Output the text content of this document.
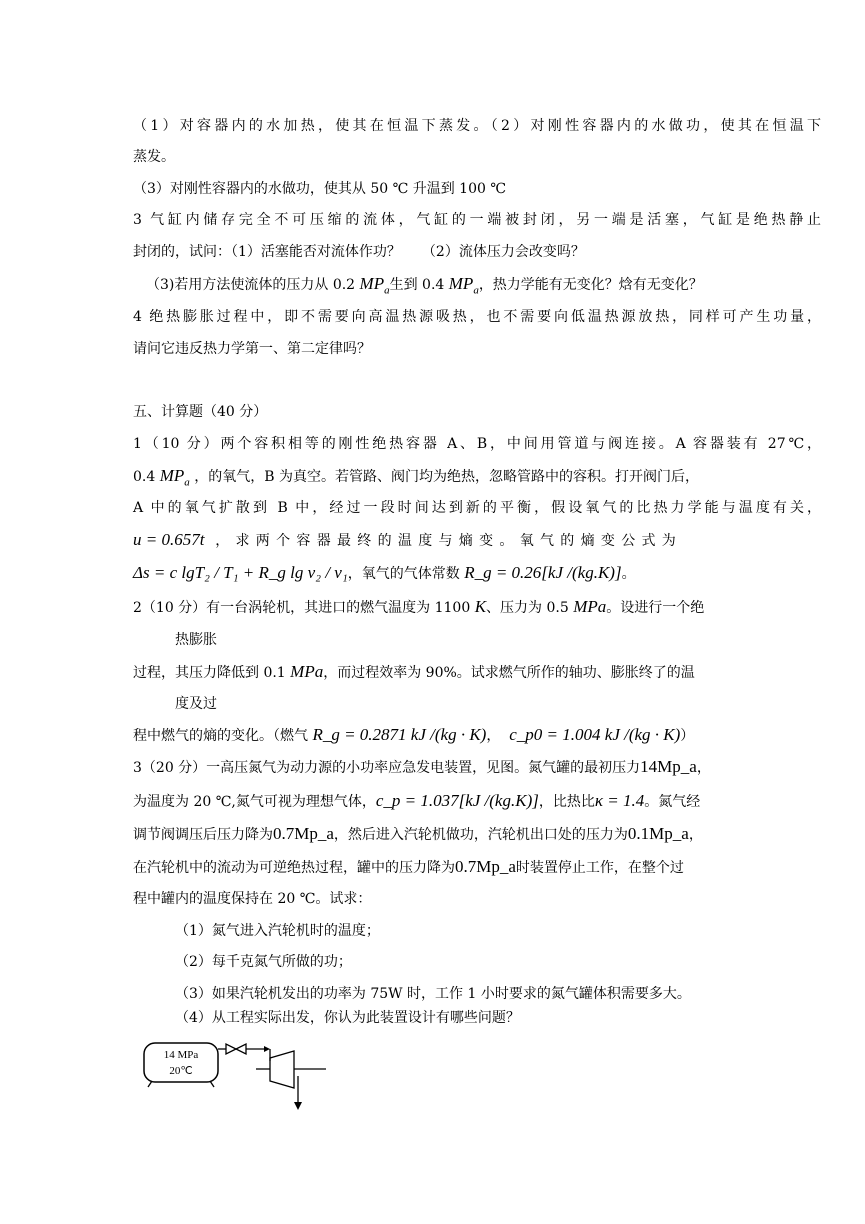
（1）对容器内的水加热，使其在恒温下蒸发。（2）对刚性容器内的水做功，使其在恒温下
蒸发。
（3）对刚性容器内的水做功，使其从 50 ℃ 升温到 100 ℃
3 气缸内储存完全不可压缩的流体，气缸的一端被封闭，另一端是活塞，气缸是绝热静止
封闭的，试问：（1）活塞能否对流体作功？　　（2）流体压力会改变吗？
（3)若用方法使流体的压力从 0.2 $MP_a$生到 0.4 $MP_a$，热力学能有无变化？焓有无变化？
4 绝热膨胀过程中，即不需要向高温热源吸热，也不需要向低温热源放热，同样可产生功量，
请问它违反热力学第一、第二定律吗？
五、计算题（40 分）
1（10 分）两个容积相等的刚性绝热容器 A、B，中间用管道与阀连接。A 容器装有 27℃，
0.4 $MP_a$ ，的氧气，B 为真空。若管路、阀门均为绝热，忽略管路中的容积。打开阀门后，
A 中的氧气扩散到 B 中，经过一段时间达到新的平衡，假设氧气的比热力学能与温度有关，
u = 0.657t ，求两个容器最终的温度与熵变。氧气的熵变公式为
Δs = c lgT₂ / T₁ + R_g lg v₂ / v₁，氧气的气体常数 R_g = 0.26[kJ /(kg.K)]。
2（10 分）有一台涡轮机，其进口的燃气温度为 1100 K、压力为 0.5 MPa。设进行一个绝
热膨胀
过程，其压力降低到 0.1 MPa，而过程效率为 90%。试求燃气所作的轴功、膨胀终了的温
度及过
程中燃气的熵的变化。（燃气 R_g = 0.2871 kJ /(kg · K)， c_p0 = 1.004 kJ /(kg · K)）
3（20 分）一高压氮气为动力源的小功率应急发电装置，见图。氮气罐的最初压力14Mp_a，
为温度为 20 ℃,氮气可视为理想气体，c_p = 1.037[kJ /(kg.K)]，比热比κ = 1.4。氮气经
调节阀调压后压力降为0.7Mp_a，然后进入汽轮机做功，汽轮机出口处的压力为0.1Mp_a，
在汽轮机中的流动为可逆绝热过程，罐中的压力降为0.7Mp_a时装置停止工作，在整个过
程中罐内的温度保持在 20 ℃。试求：
（1）氮气进入汽轮机时的温度；
（2）每千克氮气所做的功；
（3）如果汽轮机发出的功率为 75W 时，工作 1 小时要求的氮气罐体积需要多大。
（4）从工程实际出发，你认为此装置设计有哪些问题？
14 MPa
20℃
